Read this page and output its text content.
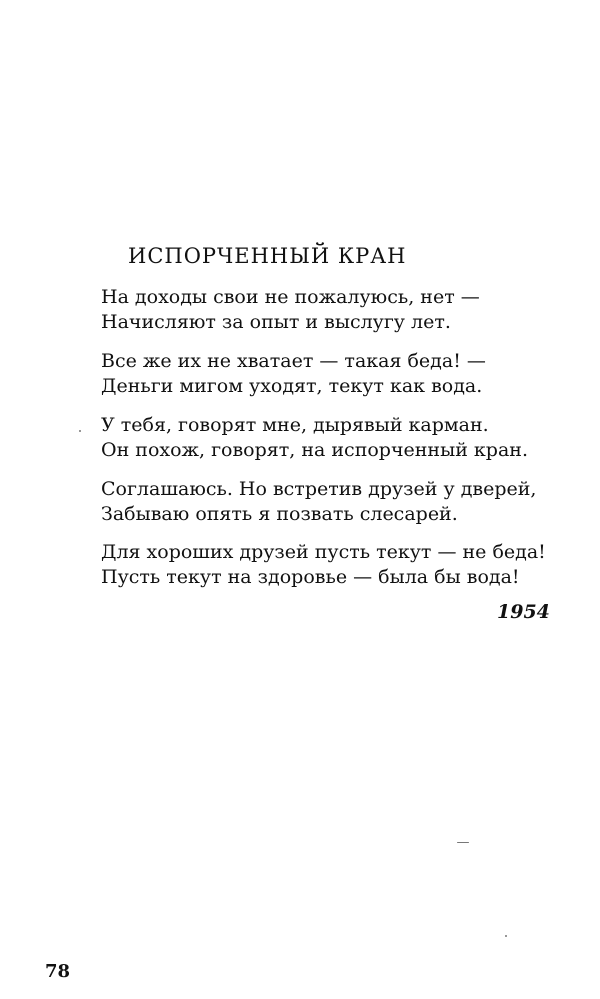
ИСПОРЧЕННЫЙ КРАН
На доходы свои не пожалуюсь, нет —
Начисляют за опыт и выслугу лет.
Все же их не хватает — такая беда! —
Деньги мигом уходят, текут как вода.
У тебя, говорят мне, дырявый карман.
Он похож, говорят, на испорченный кран.
Соглашаюсь. Но встретив друзей у дверей,
Забываю опять я позвать слесарей.
Для хороших друзей пусть текут — не беда!
Пусть текут на здоровье — была бы вода!
1954
78
